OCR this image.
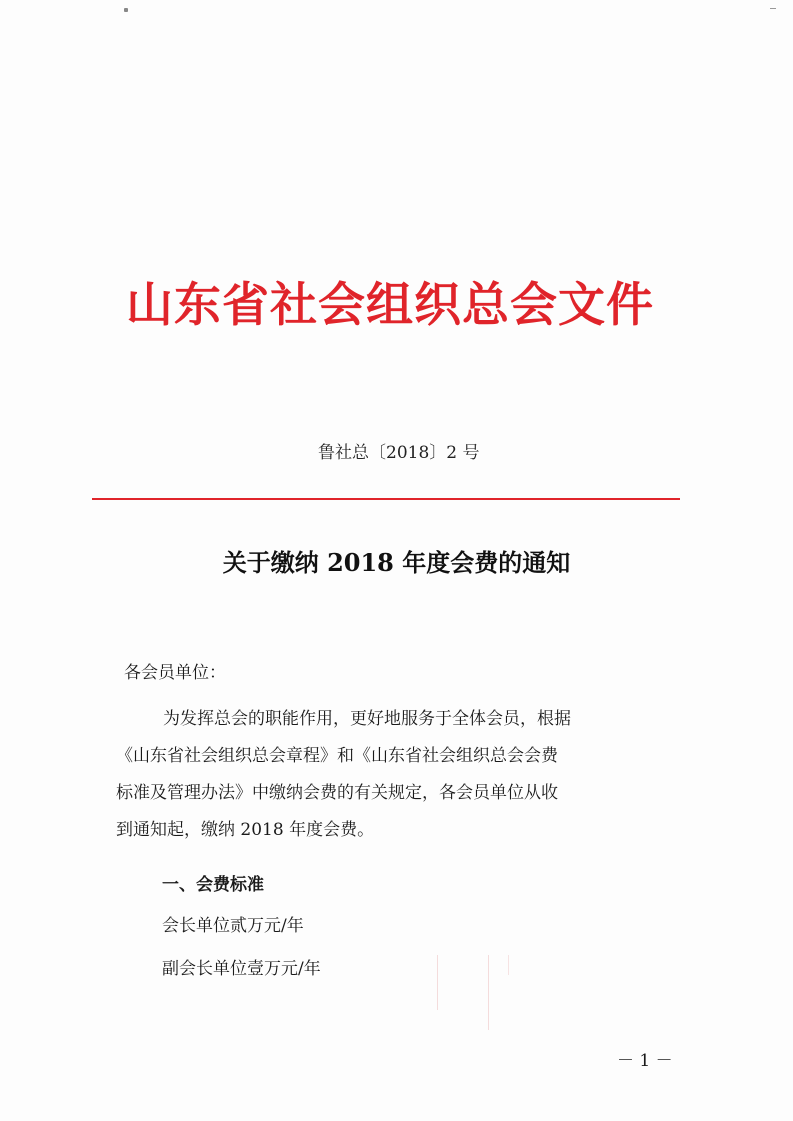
山东省社会组织总会文件
鲁社总〔2018〕2 号
关于缴纳 2018 年度会费的通知
各会员单位：
为发挥总会的职能作用，更好地服务于全体会员，根据
《山东省社会组织总会章程》和《山东省社会组织总会会费
标准及管理办法》中缴纳会费的有关规定，各会员单位从收
到通知起，缴纳 2018 年度会费。
一、会费标准
会长单位贰万元/年
副会长单位壹万元/年
－ 1 －
